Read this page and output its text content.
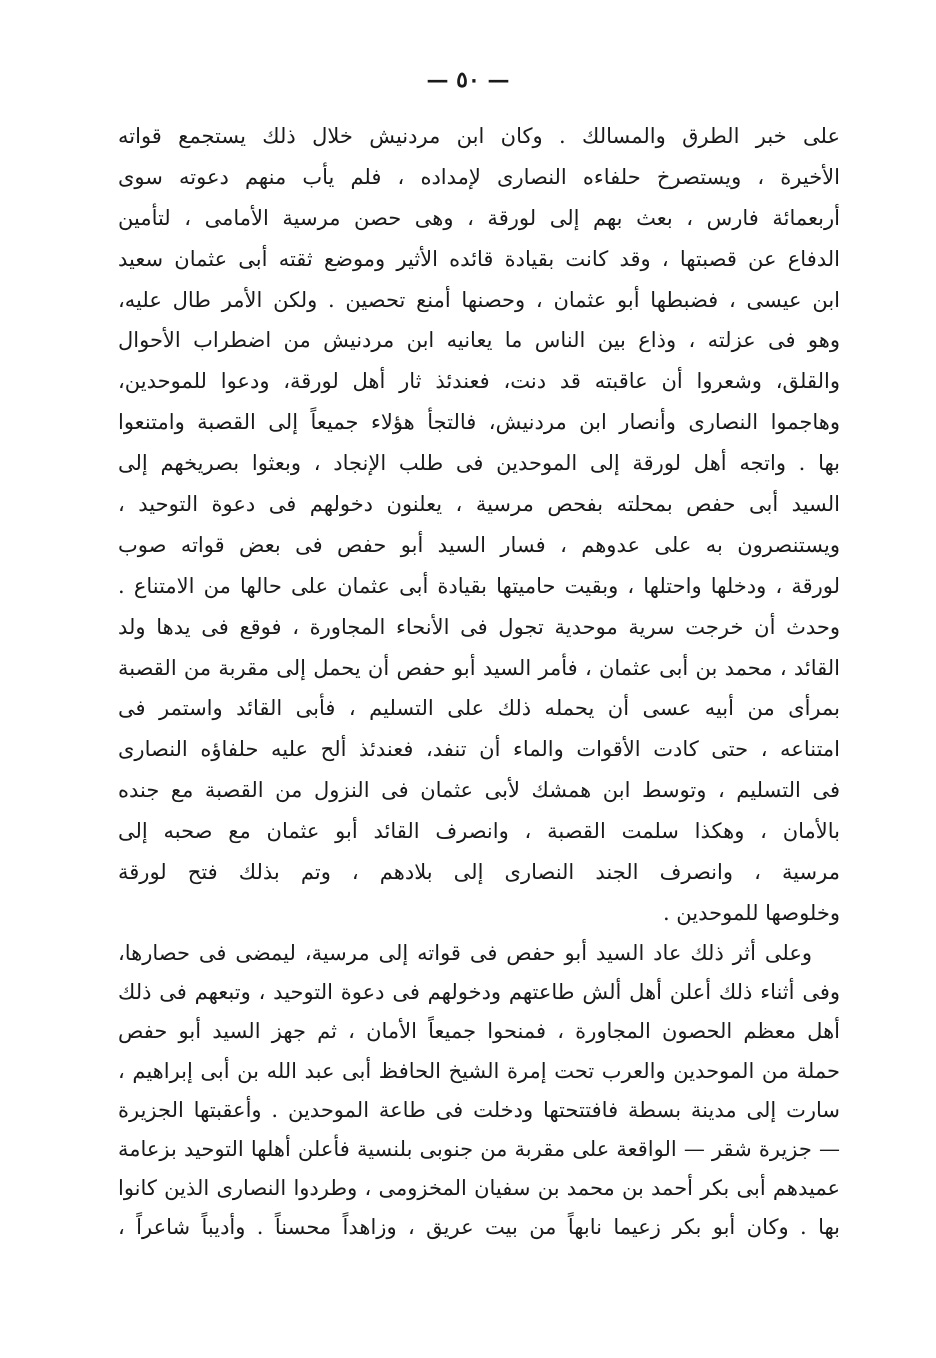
— ٥٠ —
على خبر الطرق والمسالك . وكان ابن مردنيش خلال ذلك يستجمع قواته
الأخيرة ، ويستصرخ حلفاءه النصارى لإمداده ، فلم يأب منهم دعوته سوى
أربعمائة فارس ، بعث بهم إلى لورقة ، وهى حصن مرسية الأمامى ، لتأمين
الدفاع عن قصبتها ، وقد كانت بقيادة قائده الأثير وموضع ثقته أبى عثمان سعيد
ابن عيسى ، فضبطها أبو عثمان ، وحصنها أمنع تحصين . ولكن الأمر طال عليه،
وهو فى عزلته ، وذاع بين الناس ما يعانيه ابن مردنيش من اضطراب الأحوال
والقلق، وشعروا أن عاقبته قد دنت، فعندئذ ثار أهل لورقة، ودعوا للموحدين،
وهاجموا النصارى وأنصار ابن مردنيش، فالتجأ هؤلاء جميعاً إلى القصبة وامتنعوا
بها . واتجه أهل لورقة إلى الموحدين فى طلب الإنجاد ، وبعثوا بصريخهم إلى
السيد أبى حفص بمحلته بفحص مرسية ، يعلنون دخولهم فى دعوة التوحيد ،
ويستنصرون به على عدوهم ، فسار السيد أبو حفص فى بعض قواته صوب
لورقة ، ودخلها واحتلها ، وبقيت حاميتها بقيادة أبى عثمان على حالها من الامتناع .
وحدث أن خرجت سرية موحدية تجول فى الأنحاء المجاورة ، فوقع فى يدها ولد
القائد ، محمد بن أبى عثمان ، فأمر السيد أبو حفص أن يحمل إلى مقربة من القصبة
بمرأى من أبيه عسى أن يحمله ذلك على التسليم ، فأبى القائد واستمر فى
امتناعه ، حتى كادت الأقوات والماء أن تنفد، فعندئذ ألح عليه حلفاؤه النصارى
فى التسليم ، وتوسط ابن همشك لأبى عثمان فى النزول من القصبة مع جنده
بالأمان ، وهكذا سلمت القصبة ، وانصرف القائد أبو عثمان مع صحبه إلى
مرسية ، وانصرف الجند النصارى إلى بلادهم ، وتم بذلك فتح لورقة
وخلوصها للموحدين .
وعلى أثر ذلك عاد السيد أبو حفص فى قواته إلى مرسية، ليمضى فى حصارها،
وفى أثناء ذلك أعلن أهل ألش طاعتهم ودخولهم فى دعوة التوحيد ، وتبعهم فى ذلك
أهل معظم الحصون المجاورة ، فمنحوا جميعاً الأمان ، ثم جهز السيد أبو حفص
حملة من الموحدين والعرب تحت إمرة الشيخ الحافظ أبى عبد الله بن أبى إبراهيم ،
سارت إلى مدينة بسطة فافتتحتها ودخلت فى طاعة الموحدين . وأعقبتها الجزيرة
— جزيرة شقر — الواقعة على مقربة من جنوبى بلنسية فأعلن أهلها التوحيد بزعامة
عميدهم أبى بكر أحمد بن محمد بن سفيان المخزومى ، وطردوا النصارى الذين كانوا
بها . وكان أبو بكر زعيما نابهاً من بيت عريق ، وزاهداً محسناً . وأديباً شاعراً ،
